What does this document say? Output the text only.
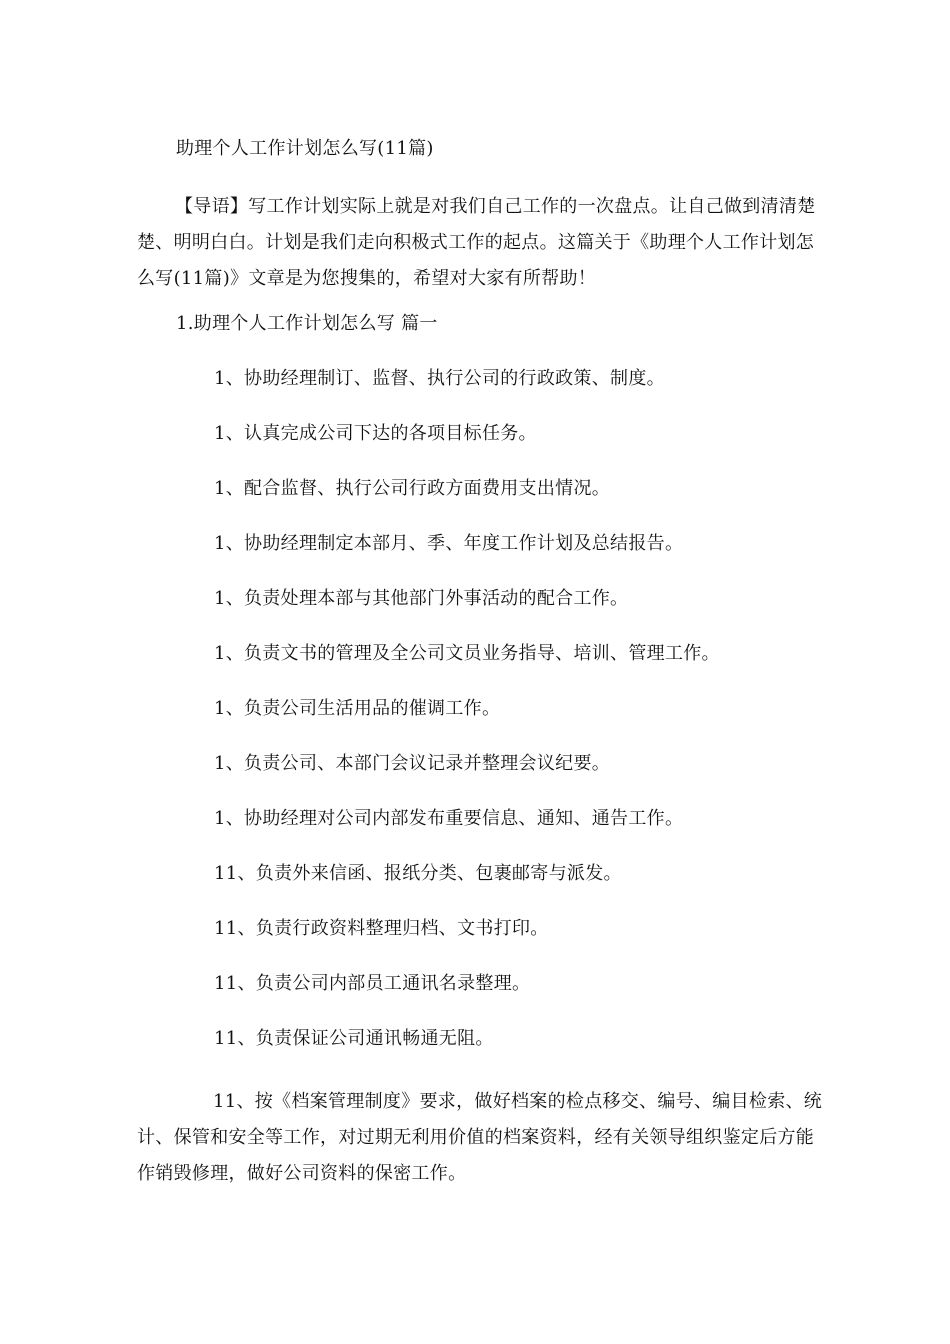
助理个人工作计划怎么写(11篇)
【导语】写工作计划实际上就是对我们自己工作的一次盘点。让自己做到清清楚楚、明明白白。计划是我们走向积极式工作的起点。这篇关于《助理个人工作计划怎么写(11篇)》文章是为您搜集的，希望对大家有所帮助！
1.助理个人工作计划怎么写 篇一
1、协助经理制订、监督、执行公司的行政政策、制度。
1、认真完成公司下达的各项目标任务。
1、配合监督、执行公司行政方面费用支出情况。
1、协助经理制定本部月、季、年度工作计划及总结报告。
1、负责处理本部与其他部门外事活动的配合工作。
1、负责文书的管理及全公司文员业务指导、培训、管理工作。
1、负责公司生活用品的催调工作。
1、负责公司、本部门会议记录并整理会议纪要。
1、协助经理对公司内部发布重要信息、通知、通告工作。
11、负责外来信函、报纸分类、包裹邮寄与派发。
11、负责行政资料整理归档、文书打印。
11、负责公司内部员工通讯名录整理。
11、负责保证公司通讯畅通无阻。
11、按《档案管理制度》要求，做好档案的检点移交、编号、编目检索、统计、保管和安全等工作，对过期无利用价值的档案资料，经有关领导组织鉴定后方能作销毁修理，做好公司资料的保密工作。
